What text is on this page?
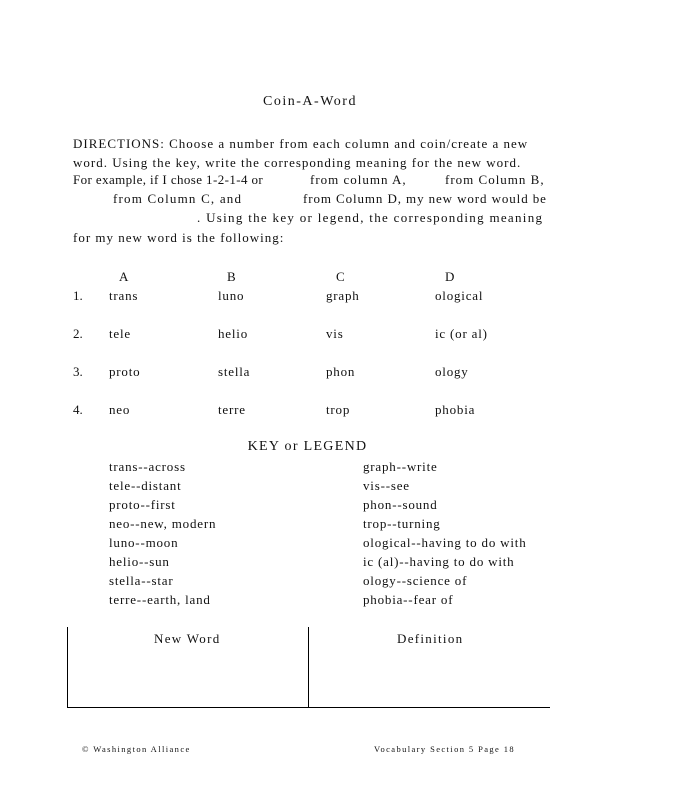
Coin-A-Word
DIRECTIONS: Choose a number from each column and coin/create a new
word. Using the key, write the corresponding meaning for the new word.
For example, if I chose 1-2-1-4 or	from column A,	from Column B,
from Column C, and	from Column D, my new word would be
. Using the key or legend, the corresponding meaning
for my new word is the following:
A	B	C	D
1. trans	luno	graph	ological
2. tele	helio	vis	ic (or al)
3. proto	stella	phon	ology
4. neo	terre	trop	phobia
KEY or LEGEND
trans--across
tele--distant
proto--first
neo--new, modern
luno--moon
helio--sun
stella--star
terre--earth, land
graph--write
vis--see
phon--sound
trop--turning
ological--having to do with
ic (al)--having to do with
ology--science of
phobia--fear of
New Word	Definition
© Washington Alliance	Vocabulary Section 5 Page 18
